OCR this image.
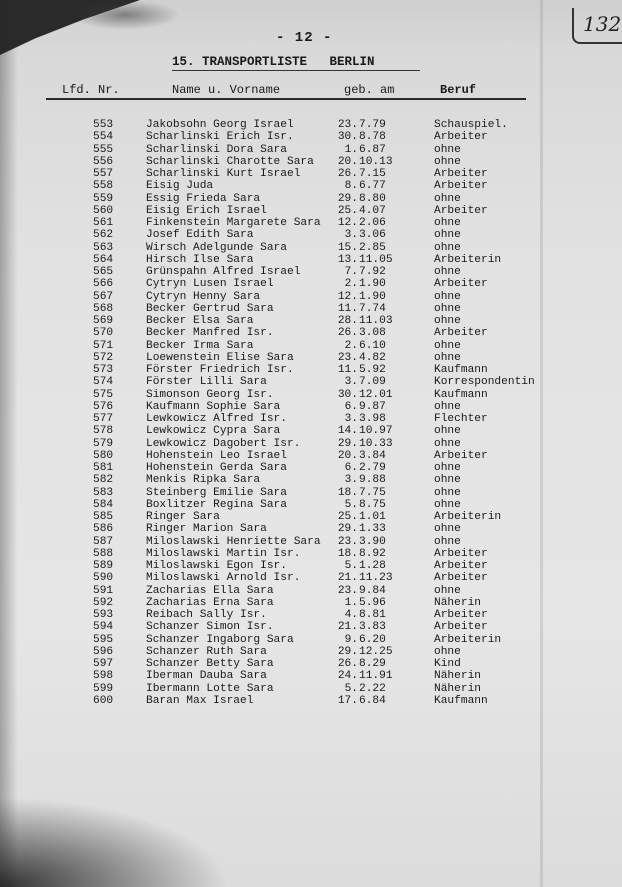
132
- 12 -
15. TRANSPORTLISTE   BERLIN
Lfd. Nr.	Name u. Vorname	geb. am	Beruf
553	Jakobsohn Georg Israel	23. 7.79	Schauspiel.
554	Scharlinski Erich Isr.	30. 8.78	Arbeiter
555	Scharlinski Dora Sara	1. 6.87	ohne
556	Scharlinski Charotte Sara	20. 10.13	ohne
557	Scharlinski Kurt Israel	26. 7.15	Arbeiter
558	Eisig Juda	8. 6.77	Arbeiter
559	Essig Frieda Sara	29. 8.80	ohne
560	Eisig Erich Israel	25. 4.07	Arbeiter
561	Finkenstein Margarete Sara	12. 2.06	ohne
562	Josef Edith Sara	3. 3.06	ohne
563	Wirsch Adelgunde Sara	15. 2.85	ohne
564	Hirsch Ilse Sara	13. 11.05	Arbeiterin
565	Grünspahn Alfred Israel	7. 7.92	ohne
566	Cytryn Lusen Israel	2. 1.90	Arbeiter
567	Cytryn Henny Sara	12. 1.90	ohne
568	Becker Gertrud Sara	11. 7.74	ohne
569	Becker Elsa Sara	28. 11.03	ohne
570	Becker Manfred Isr.	26. 3.08	Arbeiter
571	Becker Irma Sara	2. 6.10	ohne
572	Loewenstein Elise Sara	23. 4.82	ohne
573	Förster Friedrich Isr.	11. 5.92	Kaufmann
574	Förster Lilli Sara	3. 7.09	Korrespondentin
575	Simonson Georg Isr.	30. 12.01	Kaufmann
576	Kaufmann Sophie Sara	6. 9.87	ohne
577	Lewkowicz Alfred Isr.	3. 3.98	Flechter
578	Lewkowicz Cypra Sara	14. 10.97	ohne
579	Lewkowicz Dagobert Isr.	29. 10.33	ohne
580	Hohenstein Leo Israel	20. 3.84	Arbeiter
581	Hohenstein Gerda Sara	6. 2.79	ohne
582	Menkis Ripka Sara	3. 9.88	ohne
583	Steinberg Emilie Sara	18. 7.75	ohne
584	Boxlitzer Regina Sara	5. 8.75	ohne
585	Ringer Sara	25. 1.01	Arbeiterin
586	Ringer Marion Sara	29. 1.33	ohne
587	Miloslawski Henriette Sara	23. 3.90	ohne
588	Miloslawski Martin Isr.	18. 8.92	Arbeiter
589	Miloslawski Egon Isr.	5. 1.28	Arbeiter
590	Miloslawski Arnold Isr.	21. 11.23	Arbeiter
591	Zacharias Ella Sara	23. 9.84	ohne
592	Zacharias Erna Sara	1. 5.96	Näherin
593	Reibach Sally Isr.	4. 8.81	Arbeiter
594	Schanzer Simon Isr.	21. 3.83	Arbeiter
595	Schanzer Ingaborg Sara	9. 6.20	Arbeiterin
596	Schanzer Ruth Sara	29. 12.25	ohne
597	Schanzer Betty Sara	26. 8.29	Kind
598	Iberman Dauba Sara	24. 11.91	Näherin
599	Ibermann Lotte Sara	5. 2.22	Näherin
600	Baran Max Israel	17. 6.84	Kaufmann
